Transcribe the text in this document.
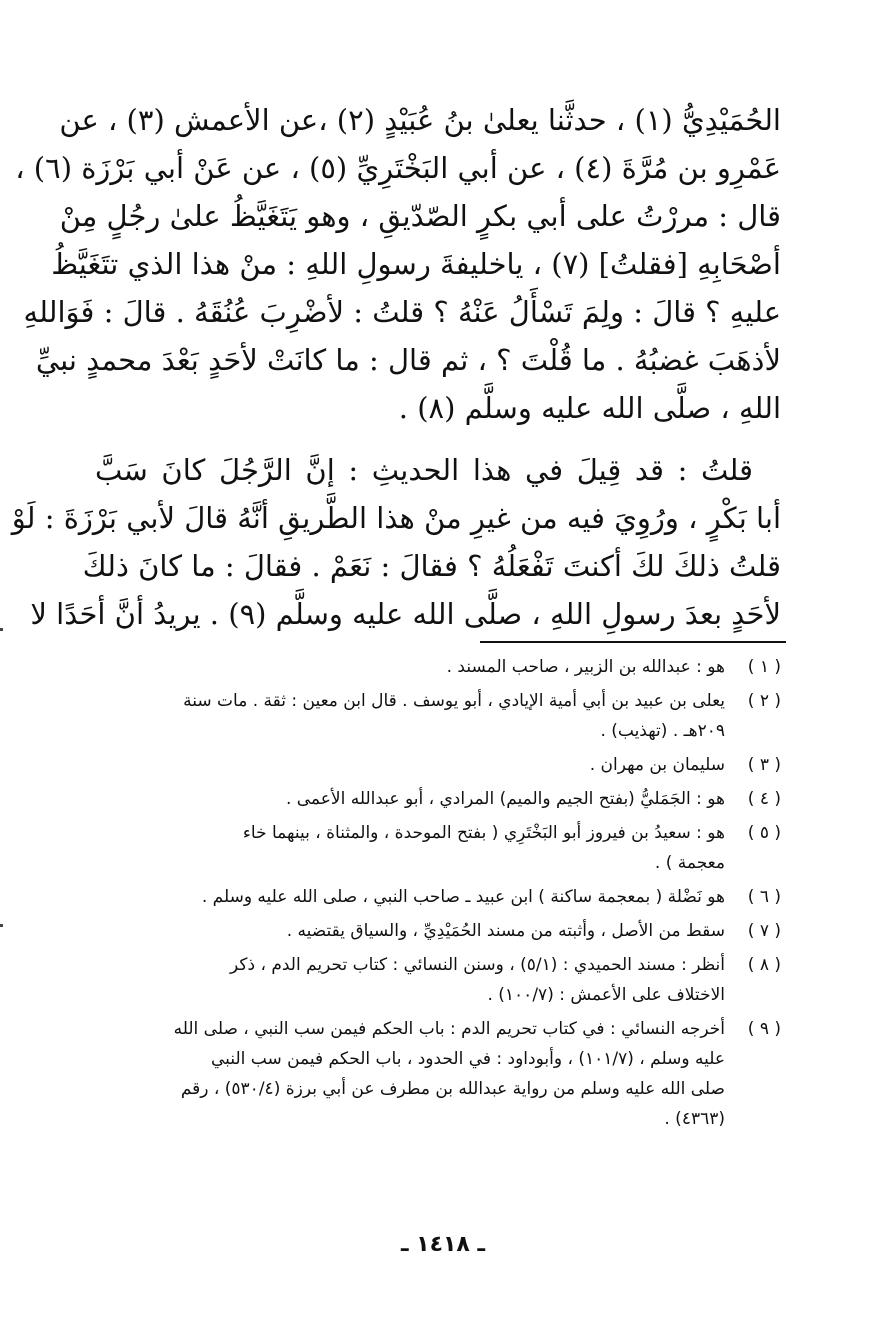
الحُمَيْدِيُّ (١) ، حدثَّنا يعلىٰ بنُ عُبَيْدٍ (٢) ،عن الأعمش (٣) ، عن
عَمْرِو بن مُرَّةَ (٤) ، عن أبي البَخْتَرِيِّ (٥) ، عن عَنْ أبي بَرْزَة (٦) ،
قال : مررْتُ على أبي بكرٍ الصّدّيقِ ، وهو يَتَغَيَّظُ علىٰ رجُلٍ مِنْ
أصْحَابِهِ [فقلتُ] (٧) ، ياخليفةَ رسولِ اللهِ : منْ هذا الذي تتَغَيَّظُ
عليهِ ؟ قالَ : ولِمَ تَسْأَلُ عَنْهُ ؟ قلتُ : لأضْرِبَ عُنُقَهُ . قالَ : فَوَاللهِ
لأذهَبَ غضبُهُ . ما قُلْتَ ؟ ، ثم قال : ما كانَتْ لأحَدٍ بَعْدَ محمدٍ نبيِّ
اللهِ ، صلَّى الله عليه وسلَّم (٨) .
قلتُ : قد قِيلَ في هذا الحديثِ : إنَّ الرَّجُلَ كانَ سَبَّ
أبا بَكْرٍ ، ورُوِيَ فيه من غيرِ منْ هذا الطَّريقِ أنَّهُ قالَ لأبي بَرْزَةَ : لَوْ
قلتُ ذلكَ لكَ أكنتَ تَفْعَلُهُ ؟ فقالَ : نَعَمْ . فقالَ : ما كانَ ذلكَ
لأحَدٍ بعدَ رسولِ اللهِ ، صلَّى الله عليه وسلَّم (٩) . يريدُ أنَّ أحَدًا لا
( ١ )
هو : عبدالله بن الزبير ، صاحب المسند .
( ٢ )
يعلى بن عبيد بن أبي أمية الإيادي ، أبو يوسف . قال ابن معين : ثقة . مات سنة
٢٠٩هـ . (تهذيب) .
( ٣ )
سليمان بن مهران .
( ٤ )
هو : الجَمَليُّ (بفتح الجيم والميم) المرادي ، أبو عبدالله الأعمى .
( ٥ )
هو : سعيدُ بن فيروز أبو البَخْتَرِي ( بفتح الموحدة ، والمثناة ، بينهما خاء
معجمة ) .
( ٦ )
هو نَضْلة ( بمعجمة ساكنة ) ابن عبيد ـ صاحب النبي ، صلى الله عليه وسلم .
( ٧ )
سقط من الأصل ، وأثبته من مسند الحُمَيْدِيِّ ، والسياق يقتضيه .
( ٨ )
أنظر : مسند الحميدي : (٥/١) ، وسنن النسائي : كتاب تحريم الدم ، ذكر
الاختلاف على الأعمش : (١٠٠/٧) .
( ٩ )
أخرجه النسائي : في كتاب تحريم الدم : باب الحكم فيمن سب النبي ، صلى الله
عليه وسلم ، (١٠١/٧) ، وأبوداود : في الحدود ، باب الحكم فيمن سب النبي
صلى الله عليه وسلم من رواية عبدالله بن مطرف عن أبي برزة (٥٣٠/٤) ، رقم
(٤٣٦٣) .
ـ ١٤١٨ ـ
